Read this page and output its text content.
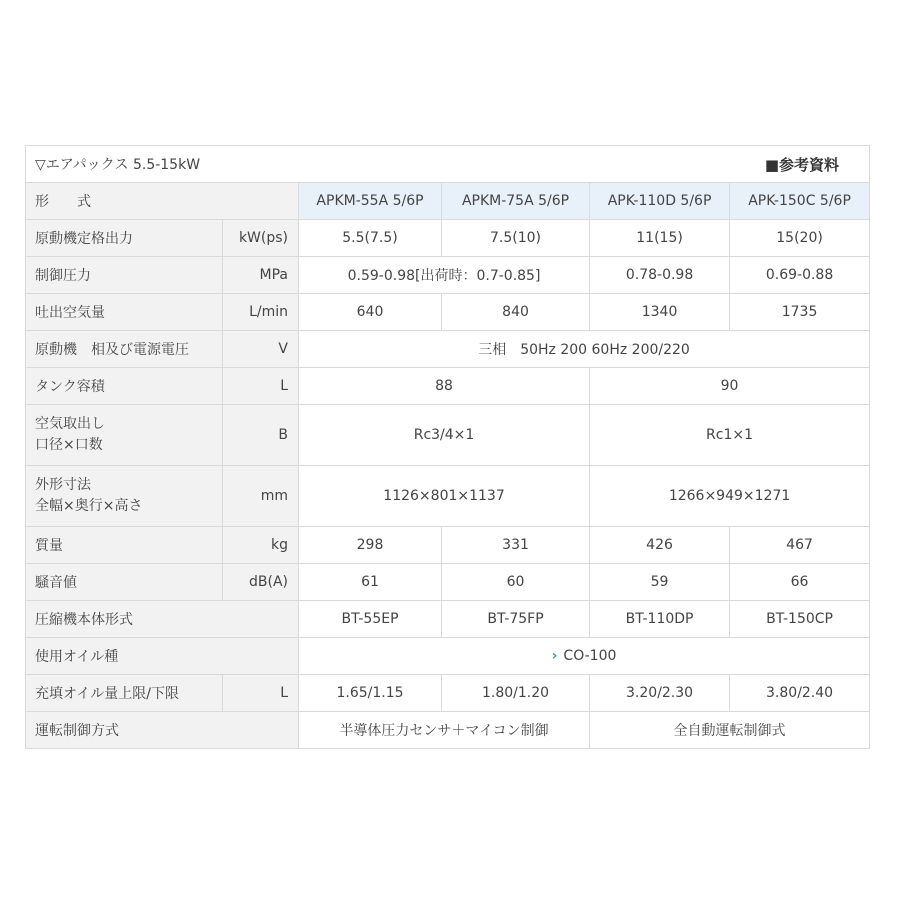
▽エアパックス 5.5-15kW				■参考資料	
形　　式		APKM-55A 5/6P	APKM-75A 5/6P	APK-110D 5/6P	APK-150C 5/6P
原動機定格出力	kW(ps)	5.5(7.5)	7.5(10)	11(15)	15(20)
制御圧力	MPa	0.59-0.98[出荷時：0.7-0.85]		0.78-0.98	0.69-0.88
吐出空気量	L/min	640	840	1340	1735
原動機　相及び電源電圧	V	三相　50Hz 200 60Hz 200/220			
タンク容積	L	88		90	

空気取出し
口径×口数	B	Rc3/4×1		Rc1×1	

外形寸法
全幅×奥行×高さ	mm	1126×801×1137		1266×949×1271	
質量	kg	298	331	426	467
騒音値	dB(A)	61	60	59	66
圧縮機本体形式		BT-55EP	BT-75FP	BT-110DP	BT-150CP
使用オイル種		› CO-100			
充填オイル量上限/下限	L	1.65/1.15	1.80/1.20	3.20/2.30	3.80/2.40
運転制御方式		半導体圧力センサ＋マイコン制御		全自動運転制御式	
